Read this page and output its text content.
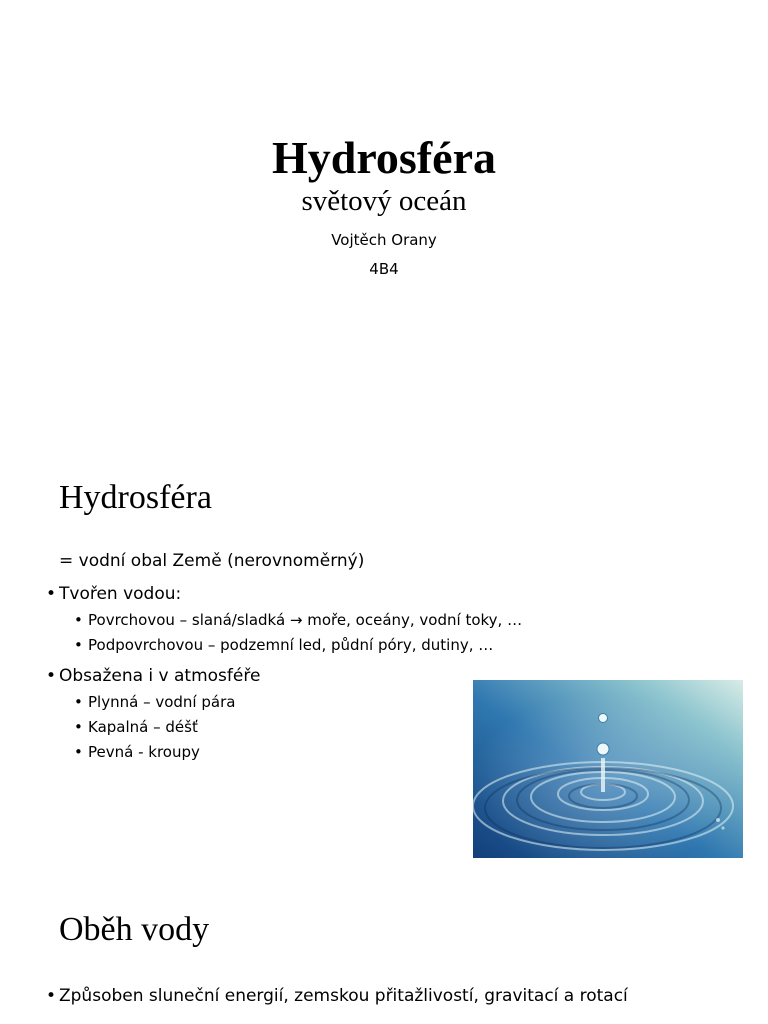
Hydrosféra
světový oceán
Vojtěch Orany
4B4
Hydrosféra
= vodní obal Země (nerovnoměrný)
• Tvořen vodou:
• Povrchovou – slaná/sladká → moře, oceány, vodní toky, …
• Podpovrchovou – podzemní led, půdní póry, dutiny, …
• Obsažena i v atmosféře
• Plynná – vodní pára
• Kapalná – déšť
• Pevná - kroupy
Oběh vody
• Způsoben sluneční energií, zemskou přitažlivostí, gravitací a rotací
